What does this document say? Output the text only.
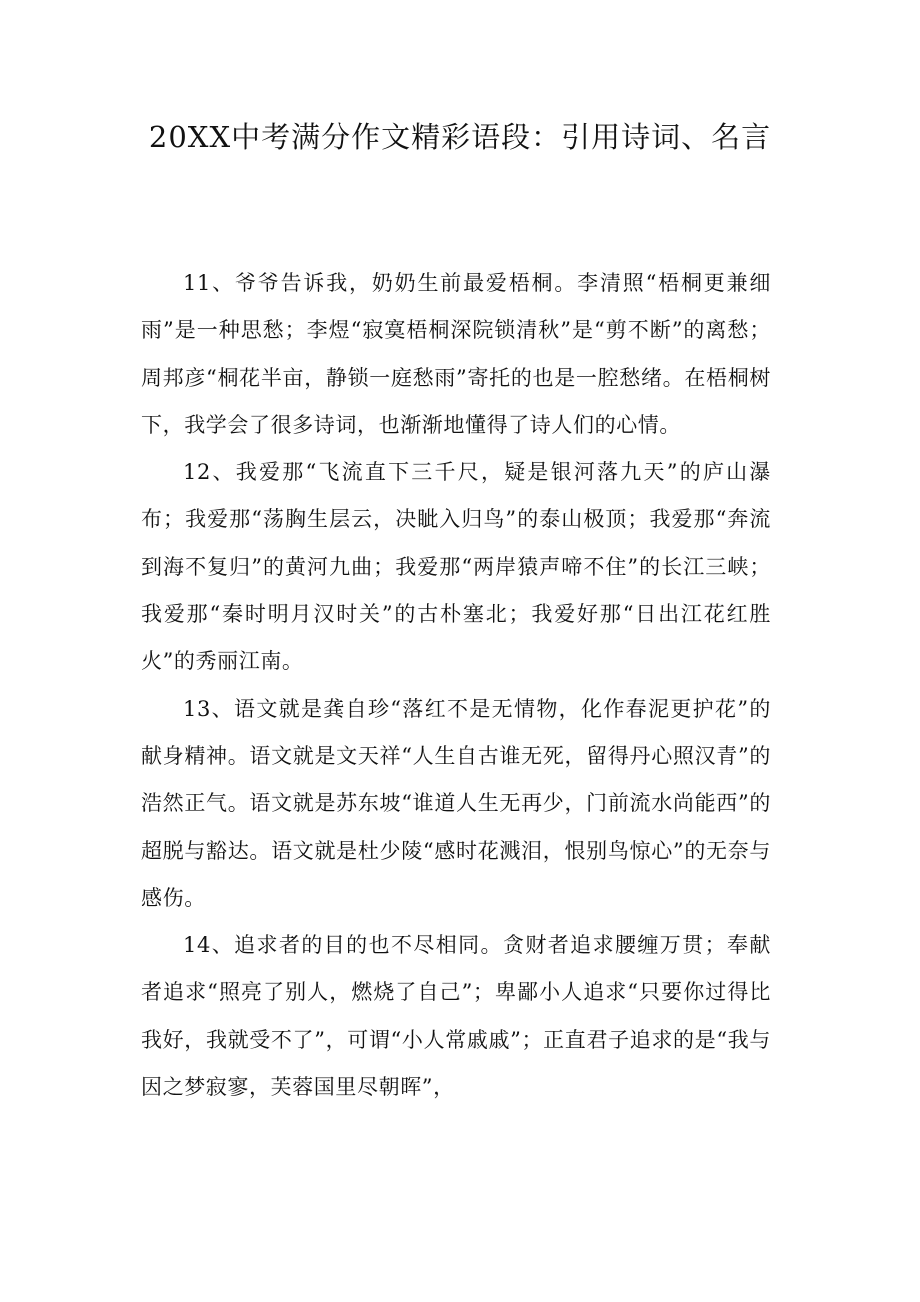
20XX中考满分作文精彩语段：引用诗词、名言

11、爷爷告诉我，奶奶生前最爱梧桐。李清照“梧桐更兼细雨”是一种思愁；李煜“寂寞梧桐深院锁清秋”是“剪不断”的离愁；周邦彦“桐花半亩，静锁一庭愁雨”寄托的也是一腔愁绪。在梧桐树下，我学会了很多诗词，也渐渐地懂得了诗人们的心情。

12、我爱那“飞流直下三千尺，疑是银河落九天”的庐山瀑布；我爱那“荡胸生层云，决眦入归鸟”的泰山极顶；我爱那“奔流到海不复归”的黄河九曲；我爱那“两岸猿声啼不住”的长江三峡；我爱那“秦时明月汉时关”的古朴塞北；我爱好那“日出江花红胜火”的秀丽江南。

13、语文就是龚自珍“落红不是无情物，化作春泥更护花”的献身精神。语文就是文天祥“人生自古谁无死，留得丹心照汉青”的浩然正气。语文就是苏东坡“谁道人生无再少，门前流水尚能西”的超脱与豁达。语文就是杜少陵“感时花溅泪，恨别鸟惊心”的无奈与感伤。

14、追求者的目的也不尽相同。贪财者追求腰缠万贯；奉献者追求“照亮了别人，燃烧了自己”；卑鄙小人追求“只要你过得比我好，我就受不了”，可谓“小人常戚戚”；正直君子追求的是“我与因之梦寂寥，芙蓉国里尽朝晖”，
